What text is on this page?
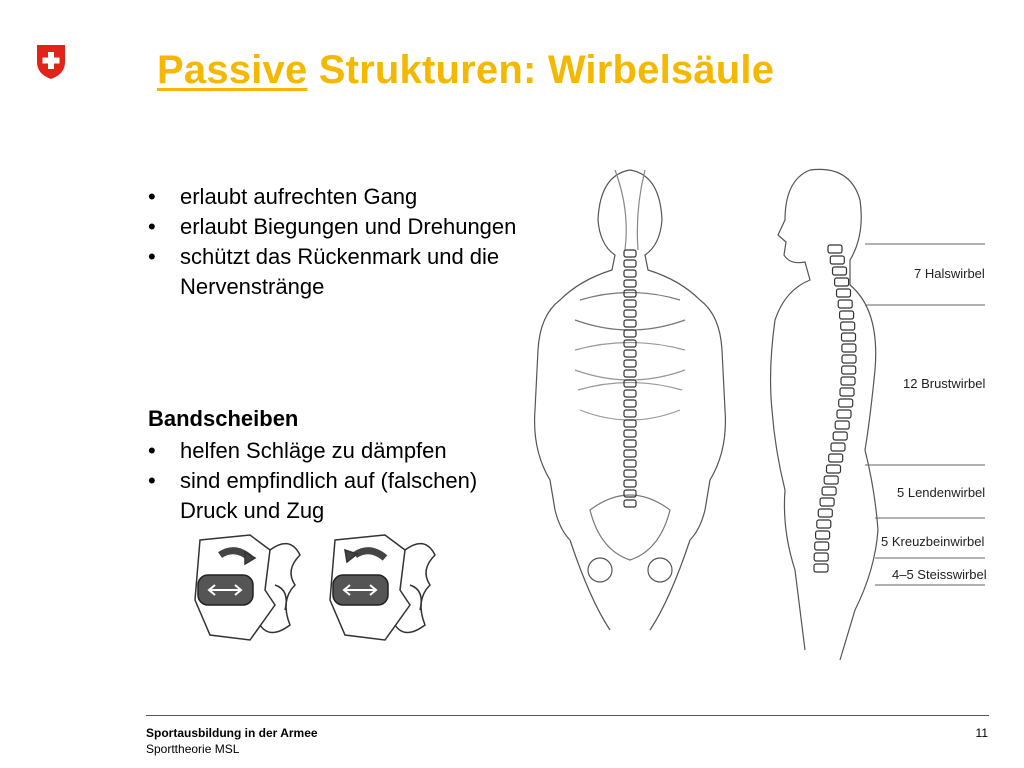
Passive Strukturen: Wirbelsäule
• erlaubt aufrechten Gang
• erlaubt Biegungen und Drehungen
• schützt das Rückenmark und die Nervenstränge

Bandscheiben

• helfen Schläge zu dämpfen
• sind empfindlich auf (falschen) Druck und Zug
7 Halswirbel
12 Brustwirbel
5 Lendenwirbel
5 Kreuzbeinwirbel
4–5 Steisswirbel
Sportausbildung in der Armee
Sporttheorie MSL
11
